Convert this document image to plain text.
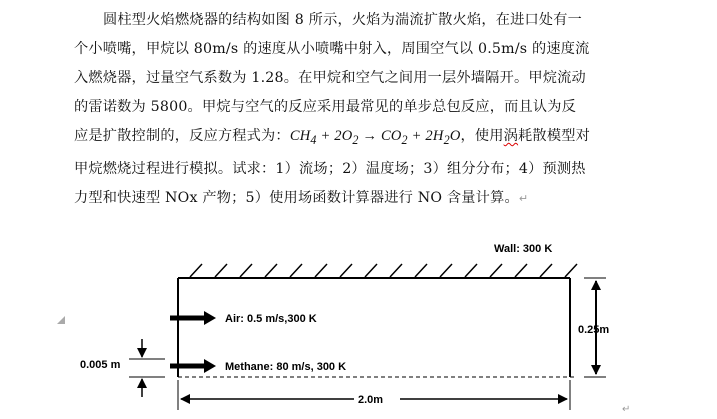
圆柱型火焰燃烧器的结构如图 8 所示，火焰为湍流扩散火焰，在进口处有一
个小喷嘴，甲烷以 80m/s 的速度从小喷嘴中射入，周围空气以 0.5m/s 的速度流
入燃烧器，过量空气系数为 1.28。在甲烷和空气之间用一层外墙隔开。甲烷流动
的雷诺数为 5800。甲烷与空气的反应采用最常见的单步总包反应，而且认为反
应是扩散控制的，反应方程式为：$CH_4 + 2O_2 \to CO_2 + 2H_2O$，使用涡耗散模型对
甲烷燃烧过程进行模拟。试求：1）流场；2）温度场；3）组分分布；4）预测热
力型和快速型 NOx 产物；5）使用场函数计算器进行 NO 含量计算。↵
Wall: 300 K
Air: 0.5 m/s,300 K
Methane: 80 m/s, 300 K
0.25m
0.005 m
2.0m
↵
